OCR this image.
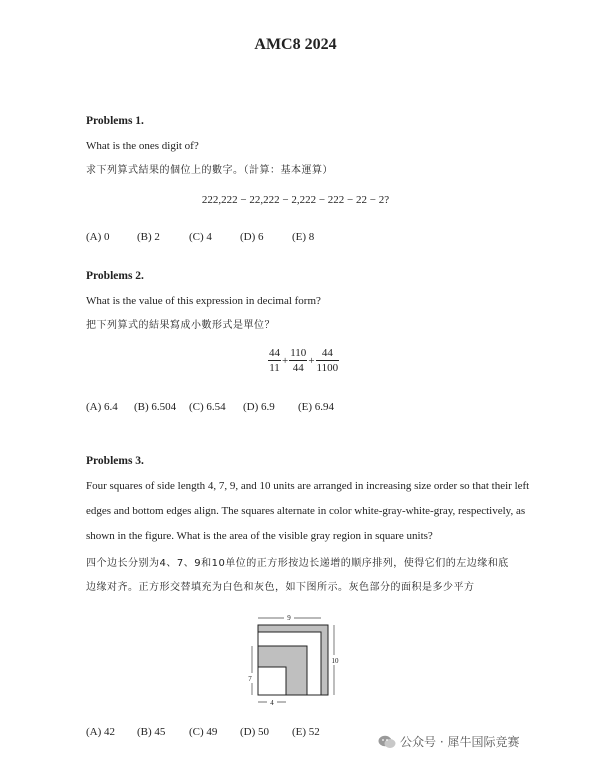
AMC8 2024
Problems 1.
What is the ones digit of?
求下列算式結果的個位上的數字。（計算：基本運算）
222,222 − 22,222 − 2,222 − 222 − 22 − 2?
(A) 0 (B) 2	(C) 4	(D) 6	(E) 8
Problems 2.
What is the value of this expression in decimal form?
把下列算式的結果寫成小數形式是單位？
$\frac{44}{11} + \frac{110}{44} + \frac{44}{1100}$
(A) 6.4 (B) 6.504 (C) 6.54 (D) 6.9 (E) 6.94
Problems 3.
Four squares of side length 4, 7, 9, and 10 units are arranged in increasing size order so that their left edges and bottom edges align. The squares alternate in color white-gray-white-gray, respectively, as shown in the figure. What is the area of the visible gray region in square units?
四个边长分别为4、7、9和10单位的正方形按边长递增的顺序排列，使得它们的左边缘和底
边缘对齐。正方形交替填充为白色和灰色，如下图所示。灰色部分的面积是多少平方
9
10
7
4
(A) 42 (B) 45 (C) 49 (D) 50 (E) 52
公众号 · 犀牛国际竞赛
